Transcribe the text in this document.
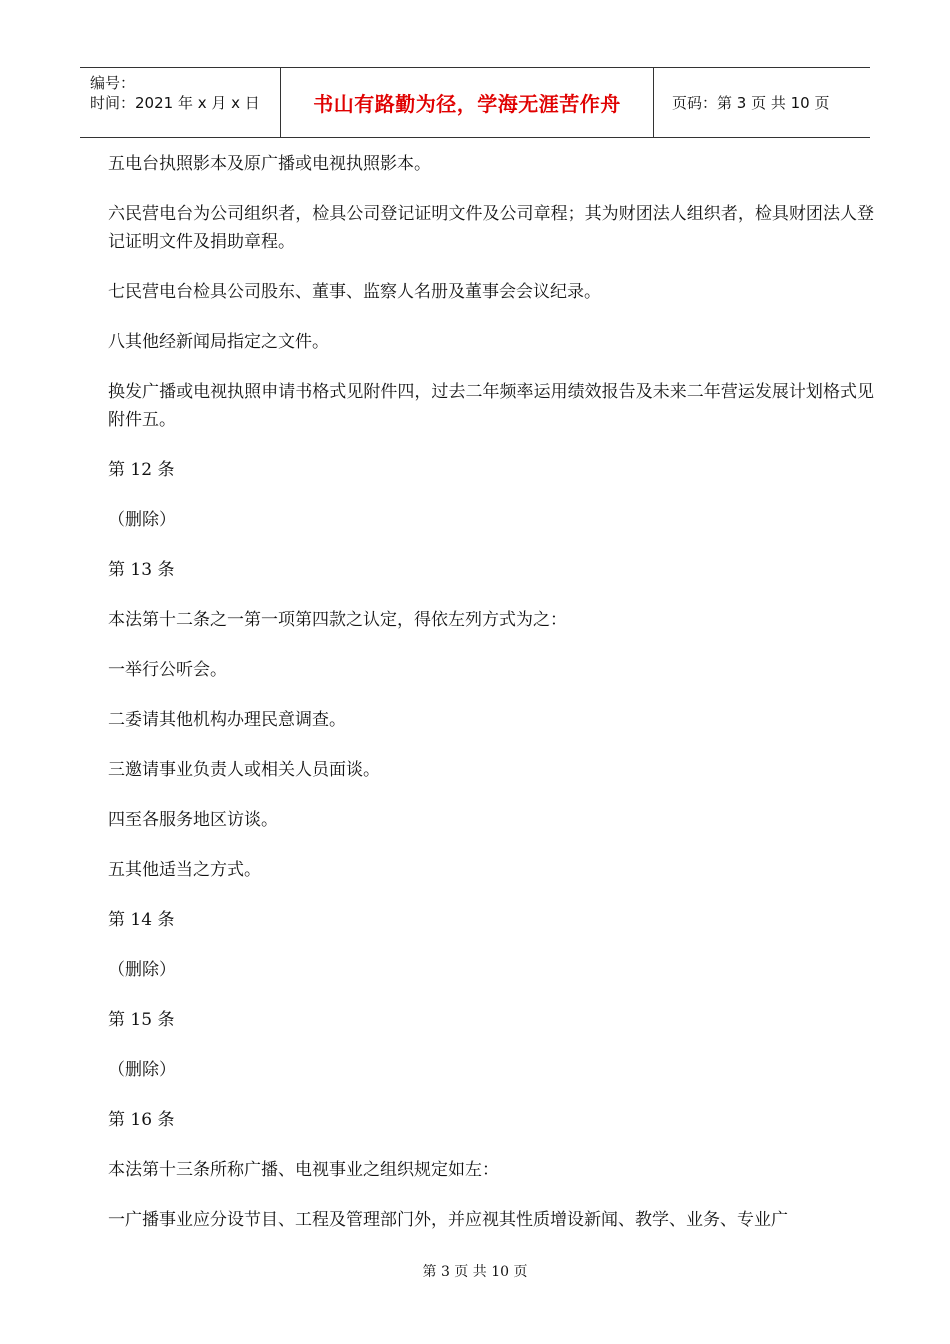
编号：
时间：2021 年 x 月 x 日	书山有路勤为径，学海无涯苦作舟	页码：第 3 页 共 10 页

五电台执照影本及原广播或电视执照影本。

六民营电台为公司组织者，检具公司登记证明文件及公司章程；其为财团法人组织者，检具财团法人登记证明文件及捐助章程。

七民营电台检具公司股东、董事、监察人名册及董事会会议纪录。

八其他经新闻局指定之文件。

换发广播或电视执照申请书格式见附件四，过去二年频率运用绩效报告及未来二年营运发展计划格式见附件五。

第 12 条

（删除）

第 13 条

本法第十二条之一第一项第四款之认定，得依左列方式为之：

一举行公听会。

二委请其他机构办理民意调查。

三邀请事业负责人或相关人员面谈。

四至各服务地区访谈。

五其他适当之方式。

第 14 条

（删除）

第 15 条

（删除）

第 16 条

本法第十三条所称广播、电视事业之组织规定如左：

一广播事业应分设节目、工程及管理部门外，并应视其性质增设新闻、教学、业务、专业广

第 3 页 共 10 页
